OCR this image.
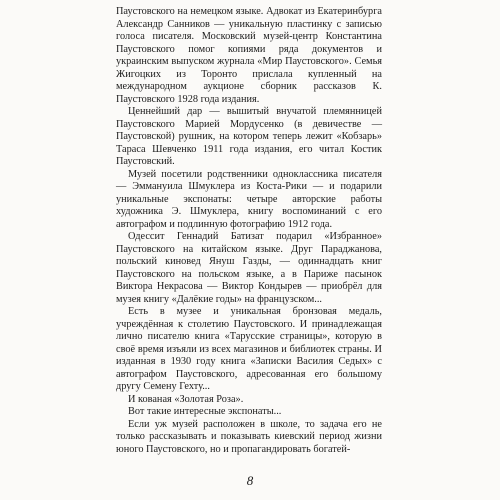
Паустовского на немецком языке. Адвокат из Екатеринбурга Александр Санников — уникальную пластинку с записью голоса писателя. Московский музей-центр Константина Паустовского помог копиями ряда документов и украинским выпуском журнала «Мир Паустовского». Семья Жигоцких из Торонто прислала купленный на международном аукционе сборник рассказов К. Паустовского 1928 года издания.

Ценнейший дар — вышитый внучатой племянницей Паустовского Марией Мордусенко (в девичестве — Паустовской) рушник, на котором теперь лежит «Кобзарь» Тараса Шевченко 1911 года издания, его читал Костик Паустовский.

Музей посетили родственники одноклассника писателя — Эммануила Шмуклера из Коста-Рики — и подарили уникальные экспонаты: четыре авторские работы художника Э. Шмуклера, книгу воспоминаний с его автографом и подлинную фотографию 1912 года.

Одессит Геннадий Батизат подарил «Избранное» Паустовского на китайском языке. Друг Параджанова, польский киновед Януш Газды, — одиннадцать книг Паустовского на польском языке, а в Париже пасынок Виктора Некрасова — Виктор Кондырев — приобрёл для музея книгу «Далёкие годы» на французском...

Есть в музее и уникальная бронзовая медаль, учреждённая к столетию Паустовского. И принадлежащая лично писателю книга «Тарусские страницы», которую в своё время изъяли из всех магазинов и библиотек страны. И изданная в 1930 году книга «Записки Василия Седых» с автографом Паустовского, адресованная его большому другу Семену Гехту...

И кованая «Золотая Роза».

Вот такие интересные экспонаты...

Если уж музей расположен в школе, то задача его не только рассказывать и показывать киевский период жизни юного Паустовского, но и пропагандировать богатей-

8
